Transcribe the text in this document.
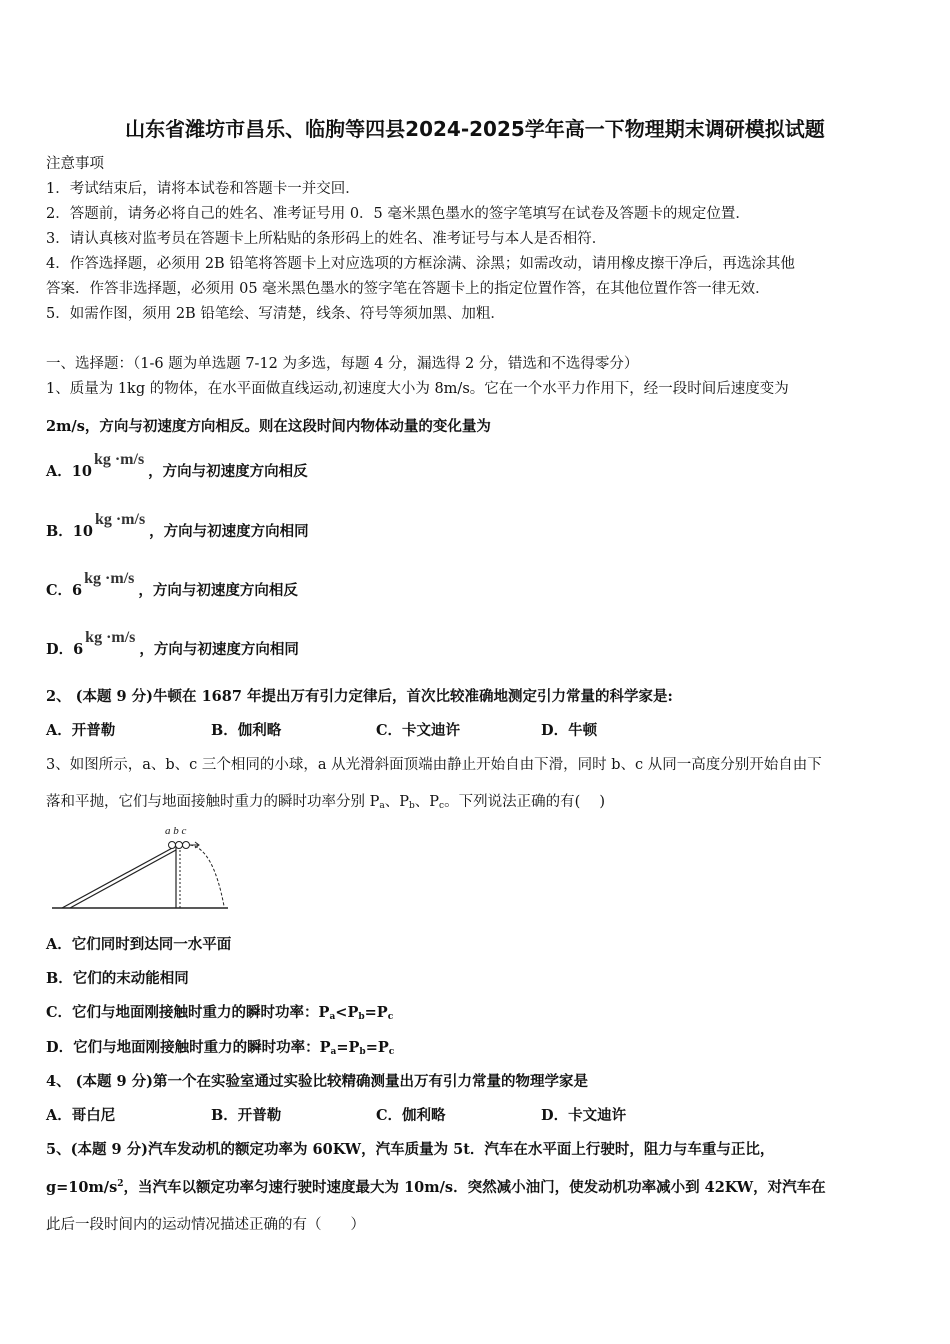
山东省潍坊市昌乐、临朐等四县2024-2025学年高一下物理期末调研模拟试题
注意事项
1．考试结束后，请将本试卷和答题卡一并交回．
2．答题前，请务必将自己的姓名、准考证号用 0．5 毫米黑色墨水的签字笔填写在试卷及答题卡的规定位置．
3．请认真核对监考员在答题卡上所粘贴的条形码上的姓名、准考证号与本人是否相符．
4．作答选择题，必须用 2B 铅笔将答题卡上对应选项的方框涂满、涂黑；如需改动，请用橡皮擦干净后，再选涂其他
答案．作答非选择题，必须用 05 毫米黑色墨水的签字笔在答题卡上的指定位置作答，在其他位置作答一律无效．
5．如需作图，须用 2B 铅笔绘、写清楚，线条、符号等须加黑、加粗．
一、选择题：（1-6 题为单选题 7-12 为多选，每题 4 分，漏选得 2 分，错选和不选得零分）
1、质量为 1kg 的物体，在水平面做直线运动,初速度大小为 8m/s。它在一个水平力作用下，经一段时间后速度变为
2m/s，方向与初速度方向相反。则在这段时间内物体动量的变化量为
A．10kg ·m/s，方向与初速度方向相反
B．10kg ·m/s，方向与初速度方向相同
C．6kg ·m/s，方向与初速度方向相反
D．6kg ·m/s，方向与初速度方向相同
2、 (本题 9 分)牛顿在 1687 年提出万有引力定律后，首次比较准确地测定引力常量的科学家是:
A．开普勒	B．伽利略	C．卡文迪许	D．牛顿
3、如图所示，a、b、c 三个相同的小球，a 从光滑斜面顶端由静止开始自由下滑，同时 b、c 从同一高度分别开始自由下
落和平抛，它们与地面接触时重力的瞬时功率分别 $P_a$、$P_b$、$P_c$。下列说法正确的有(　 )
a b c
A．它们同时到达同一水平面
B．它们的末动能相同
C．它们与地面刚接触时重力的瞬时功率：$P_a<P_b=P_c$
D．它们与地面刚接触时重力的瞬时功率：$P_a=P_b=P_c$
4、 (本题 9 分)第一个在实验室通过实验比较精确测量出万有引力常量的物理学家是
A．哥白尼	B．开普勒	C．伽利略	D．卡文迪许
5、(本题 9 分)汽车发动机的额定功率为 60KW，汽车质量为 5t．汽车在水平面上行驶时，阻力与车重与正比，
$g=10m/s^2$，当汽车以额定功率匀速行驶时速度最大为 10m/s．突然减小油门，使发动机功率减小到 42KW，对汽车在
此后一段时间内的运动情况描述正确的有（　　）
